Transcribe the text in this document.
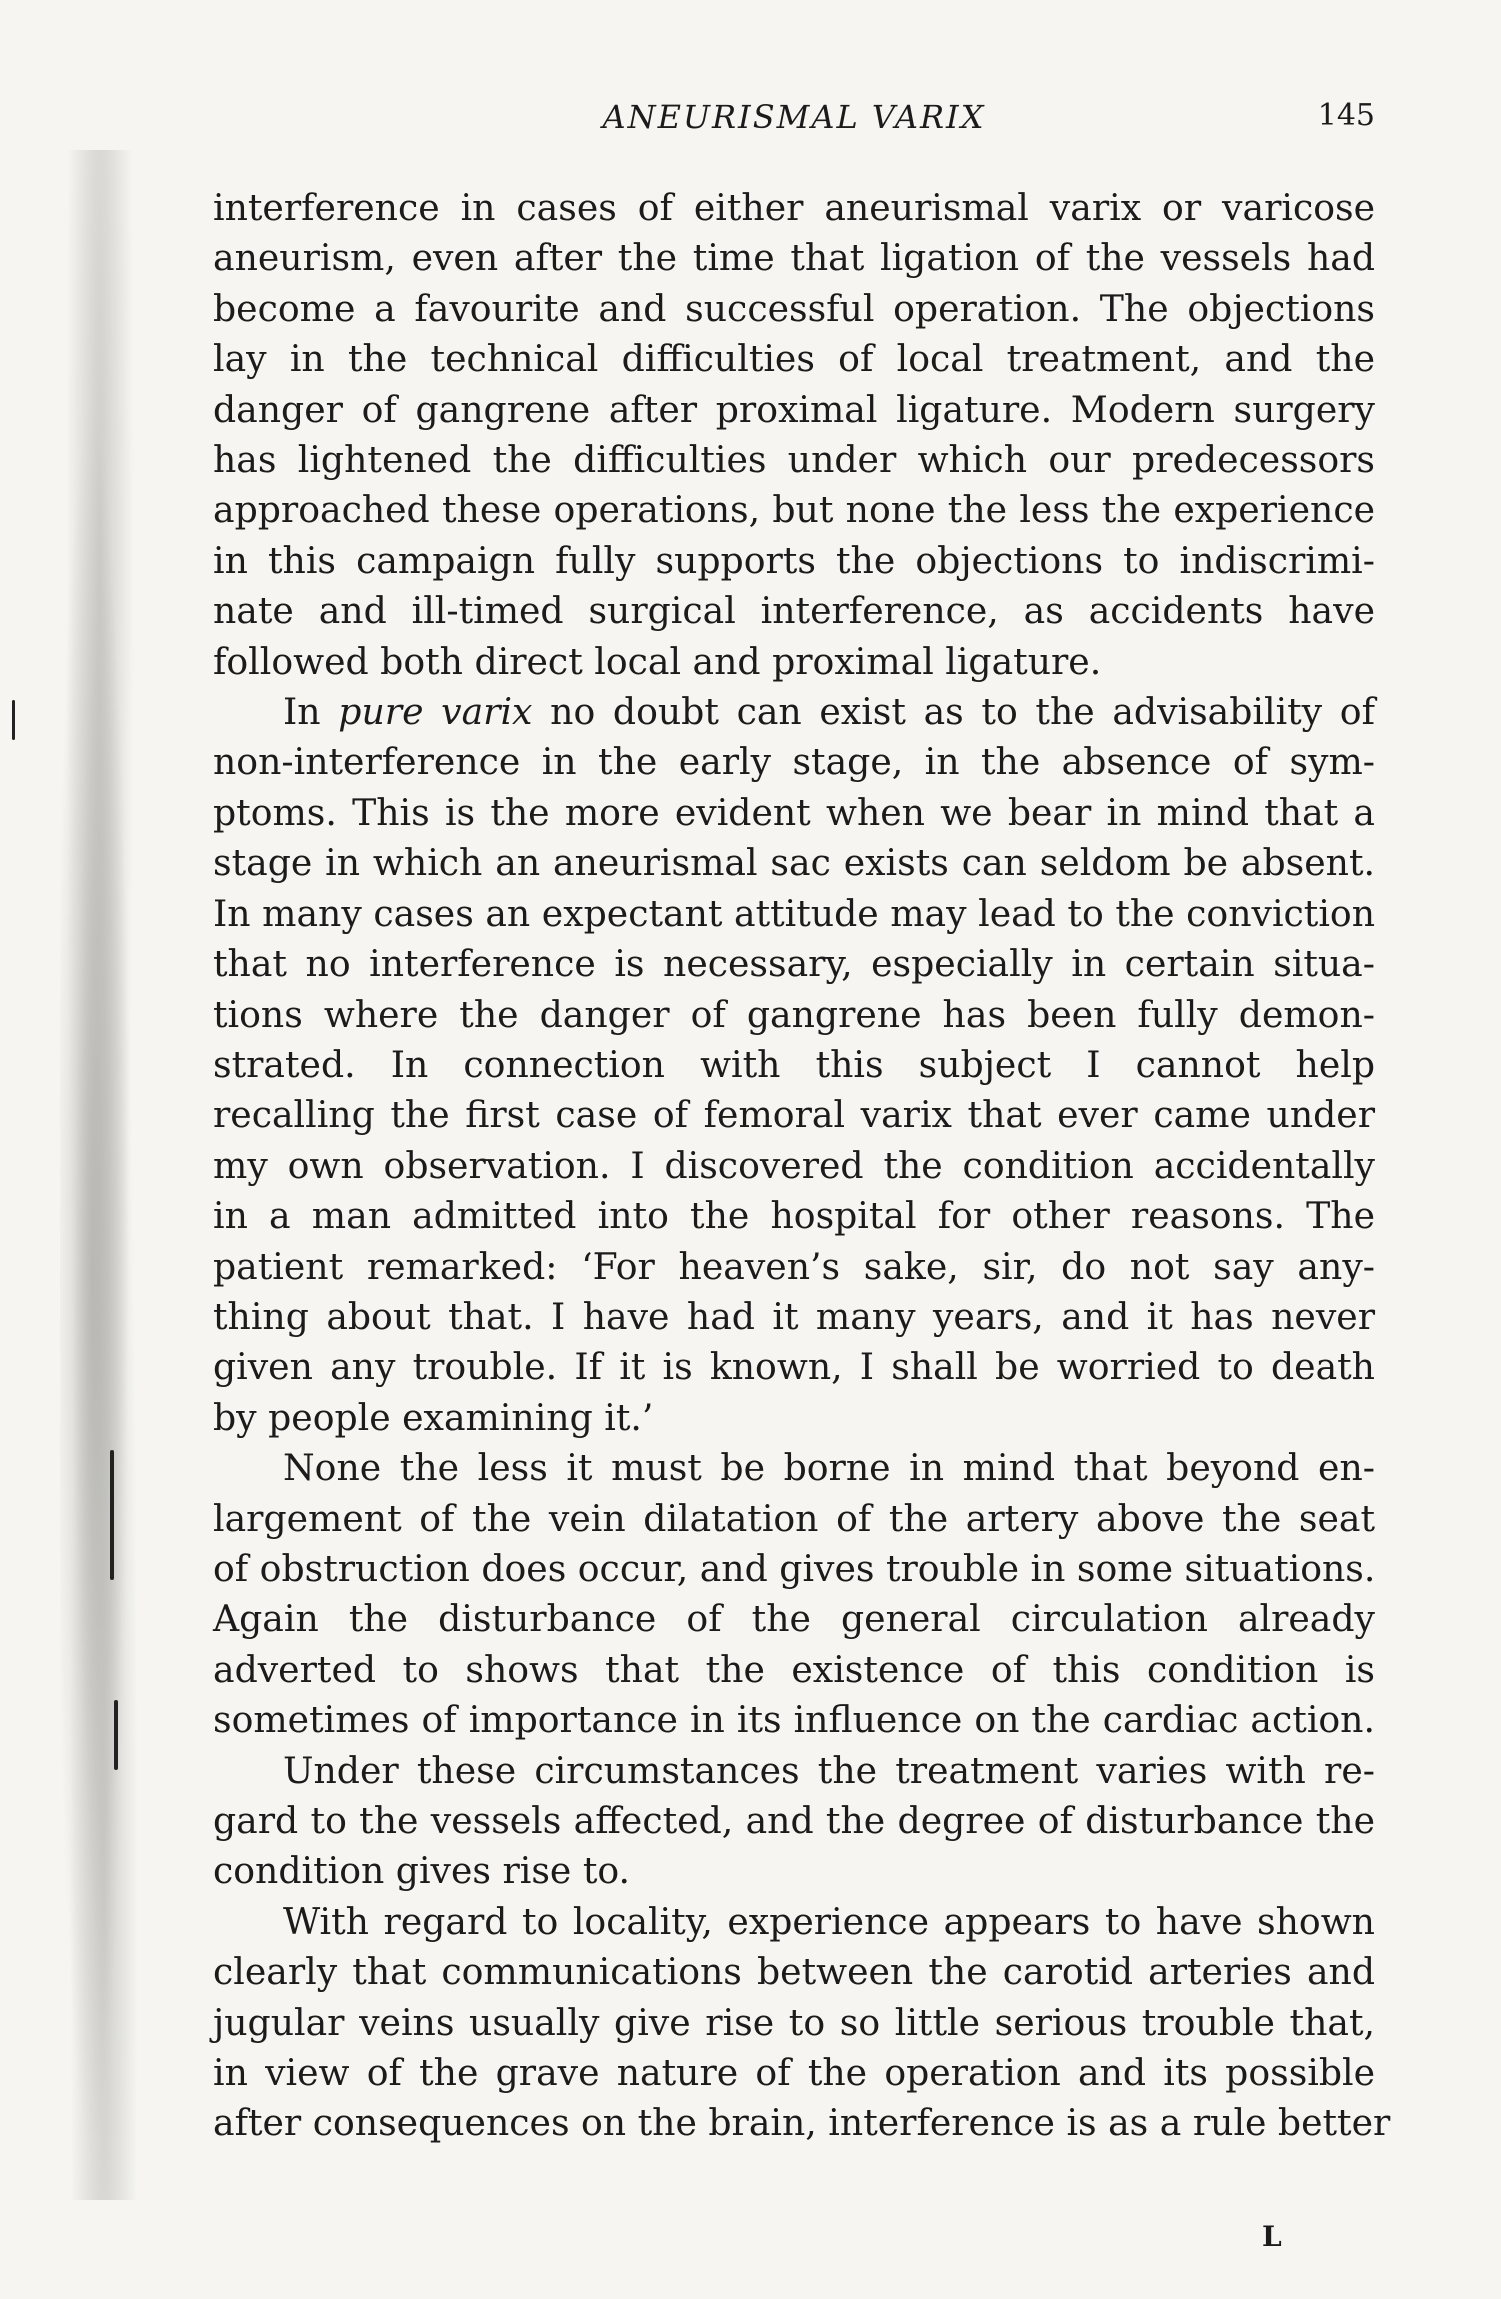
ANEURISMAL VARIX	145
interference in cases of either aneurismal varix or varicose
aneurism, even after the time that ligation of the vessels had
become a favourite and successful operation. The objections
lay in the technical difficulties of local treatment, and the
danger of gangrene after proximal ligature. Modern surgery
has lightened the difficulties under which our predecessors
approached these operations, but none the less the experience
in this campaign fully supports the objections to indiscrimi-
nate and ill-timed surgical interference, as accidents have
followed both direct local and proximal ligature.
In pure varix no doubt can exist as to the advisability of
non-interference in the early stage, in the absence of sym-
ptoms. This is the more evident when we bear in mind that a
stage in which an aneurismal sac exists can seldom be absent.
In many cases an expectant attitude may lead to the conviction
that no interference is necessary, especially in certain situa-
tions where the danger of gangrene has been fully demon-
strated. In connection with this subject I cannot help
recalling the first case of femoral varix that ever came under
my own observation. I discovered the condition accidentally
in a man admitted into the hospital for other reasons. The
patient remarked: ‘For heaven’s sake, sir, do not say any-
thing about that. I have had it many years, and it has never
given any trouble. If it is known, I shall be worried to death
by people examining it.’
None the less it must be borne in mind that beyond en-
largement of the vein dilatation of the artery above the seat
of obstruction does occur, and gives trouble in some situations.
Again the disturbance of the general circulation already
adverted to shows that the existence of this condition is
sometimes of importance in its influence on the cardiac action.
Under these circumstances the treatment varies with re-
gard to the vessels affected, and the degree of disturbance the
condition gives rise to.
With regard to locality, experience appears to have shown
clearly that communications between the carotid arteries and
jugular veins usually give rise to so little serious trouble that,
in view of the grave nature of the operation and its possible
after consequences on the brain, interference is as a rule better
L
